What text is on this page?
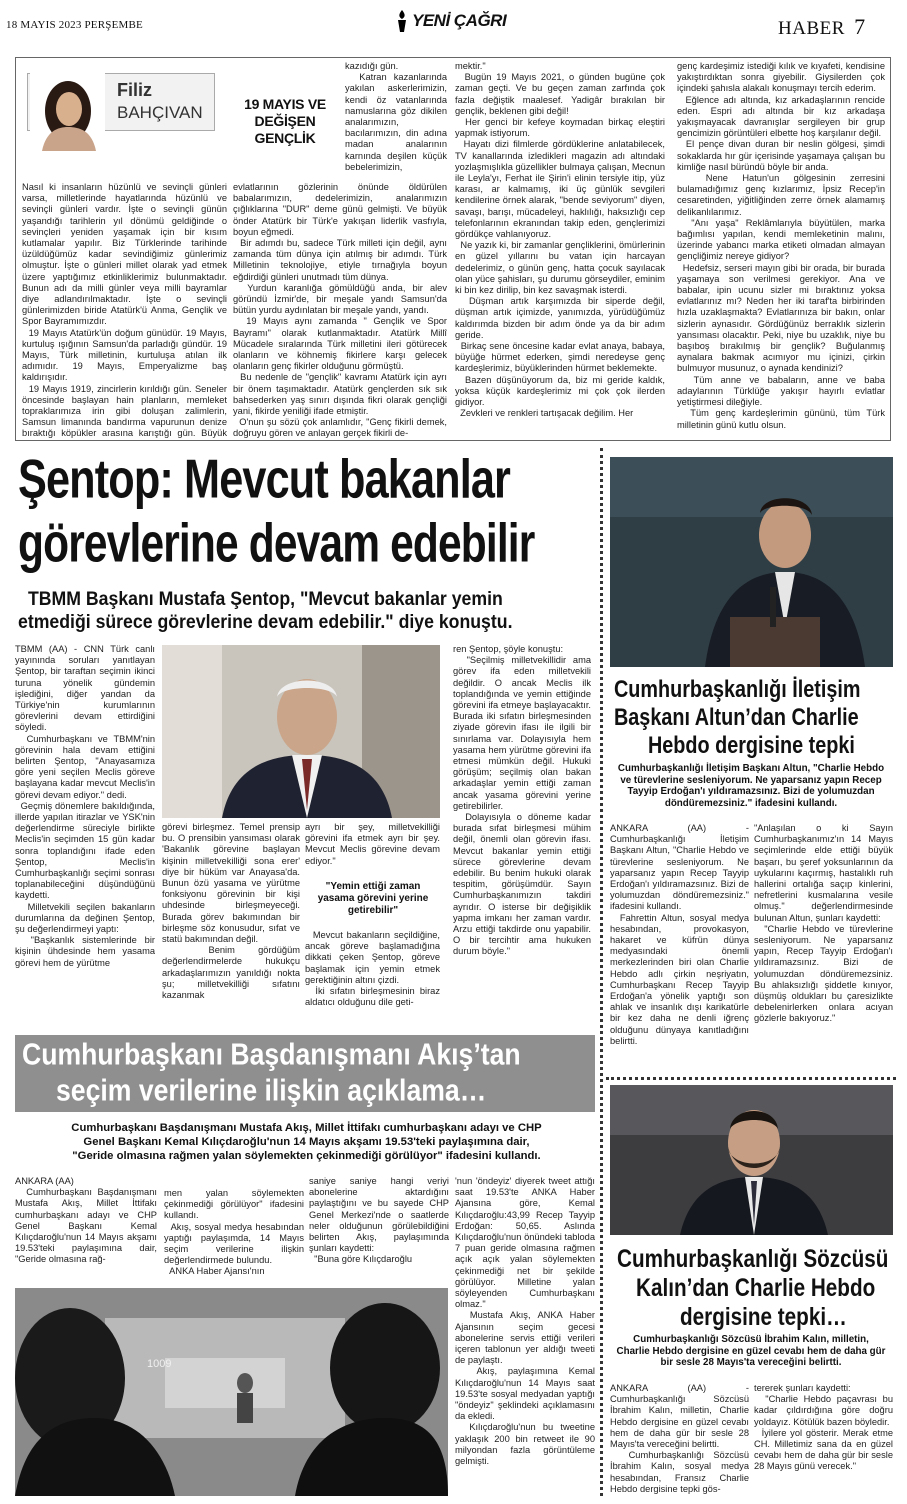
18 MAYIS 2023 PERŞEMBE	YENİ ÇAĞRI	HABER 7
Filiz
BAHÇIVAN	19 MAYIS VE
DEĞİŞEN GENÇLİK
Nasıl ki insanların hüzünlü ve sevinçli günleri varsa, milletlerinde hayatlarında hüzünlü ve sevinçli günleri vardır. İşte o sevinçli günün yaşandığı tarihlerin yıl dönümü geldiğinde o sevinçleri yeniden yaşamak için bir kısım kutlamalar yapılır. Biz Türklerinde tarihinde üzüldüğümüz kadar sevindiğimiz günlerimiz olmuştur. İşte o günleri millet olarak yad etmek üzere yaptığımız etkinliklerimiz bulunmaktadır. Bunun adı da milli günler veya milli bayramlar diye adlandırılmaktadır. İşte o sevinçli günlerimizden biride Atatürk'ü Anma, Gençlik ve Spor Bayramımızdır.
19 Mayıs Atatürk'ün doğum günüdür. 19 Mayıs, kurtuluş ışığının Samsun'da parladığı gündür. 19 Mayıs, Türk milletinin, kurtuluşa atılan ilk adımıdır. 19 Mayıs, Emperyalizme baş kaldırışıdır.
19 Mayıs 1919, zincirlerin kırıldığı gün. Seneler öncesinde başlayan hain planların, memleket topraklarımıza irin gibi doluşan zalimlerin, Samsun limanında bandırma vapurunun denize bıraktığı köpükler arasına karıştığı gün. Büyük
kazıdığı gün.
Katran kazanlarında yakılan askerlerimizin, kendi öz vatanlarında namuslarına göz dikilen analarımızın, bacılarımızın, din adına madan analarının karnında deşilen küçük bebelerimizin,
evlatlarının gözlerinin önünde öldürülen babalarımızın, dedelerimizin, analarımızın çığlıklarına "DUR" deme günü gelmişti. Ve büyük önder Atatürk bir Türk'e yakışan liderlik vasfıyla, boyun eğmedi.
Bir adımdı bu, sadece Türk milleti için değil, aynı zamanda tüm dünya için atılmış bir adımdı. Türk Milletinin teknolojiye, etiyle tırnağıyla boyun eğdirdiği günleri unutmadı tüm dünya.
Yurdun karanlığa gömüldüğü anda, bir alev göründü İzmir'de, bir meşale yandı Samsun'da bütün yurdu aydınlatan bir meşale yandı, yandı.
19 Mayıs aynı zamanda " Gençlik ve Spor Bayramı" olarak kutlanmaktadır. Atatürk Millî Mücadele sıralarında Türk milletini ileri götürecek olanların ve köhnemiş fikirlere karşı gelecek olanların genç fikirler olduğunu görmüştü.
Bu nedenle de "gençlik" kavramı Atatürk için ayrı bir önem taşımaktadır. Atatürk gençlerden sık sık bahsederken yaş sınırı dışında fikri olarak gençliği yani, fikirde yeniliği ifade etmiştir.
O'nun şu sözü çok anlamlıdır, "Genç fikirli demek, doğruyu gören ve anlayan gerçek fikirli de-
mektir."
Bugün 19 Mayıs 2021, o günden bugüne çok zaman geçti. Ve bu geçen zaman zarfında çok fazla değiştik maalesef. Yadigâr bırakılan bir gençlik, beklenen gibi değil!
Her genci bir kefeye koymadan birkaç eleştiri yapmak istiyorum.
Hayatı dizi filmlerde gördüklerine anlatabilecek, TV kanallarında izledikleri magazin adı altındaki yozlaşmışlıkla güzellikler bulmaya çalışan, Mecnun ile Leyla'yı, Ferhat ile Şirin'i elinin tersiyle itip, yüz karası, ar kalmamış, iki üç günlük sevgileri kendilerine örnek alarak, "bende seviyorum" diyen, savaşı, barışı, mücadeleyi, haklılığı, haksızlığı cep telefonlarının ekranından takip eden, gençlerimizi gördükçe vahlanıyoruz.
Ne yazık ki, bir zamanlar gençliklerini, ömürlerinin en güzel yıllarını bu vatan için harcayan dedelerimiz, o günün genç, hatta çocuk sayılacak olan yüce şahisları, şu durumu görseydiler, eminim ki bin kez dirilip, bin kez savaşmak isterdi.
Düşman artık karşımızda bir siperde değil, düşman artık içimizde, yanımızda, yürüdüğümüz kaldırımda bizden bir adım önde ya da bir adım geride.
Birkaç sene öncesine kadar evlat anaya, babaya, büyüğe hürmet ederken, şimdi neredeyse genç kardeşlerimiz, büyüklerinden hürmet beklemekte.
Bazen düşünüyorum da, biz mi geride kaldık, yoksa küçük kardeşlerimiz mi çok çok ilerden gidiyor.
Zevkleri ve renkleri tartışacak değilim. Her
genç kardeşimiz istediği kılık ve kıyafeti, kendisine yakıştırdıktan sonra giyebilir. Giysilerden çok içindeki şahısla alakalı konuşmayı tercih ederim.
Eğlence adı altında, kız arkadaşlarının rencide eden. Espri adı altında bir kız arkadaşa yakışmayacak davranışlar sergileyen bir grup gencimizin görüntüleri elbette hoş karşılanır değil.
El pençe divan duran bir neslin gölgesi, şimdi sokaklarda hır gür içerisinde yaşamaya çalışan bu kimliğe nasıl büründü böyle bir anda.
Nene Hatun'un gölgesinin zerresini bulamadığımız genç kızlarımız, İpsiz Recep'in cesaretinden, yiğitliğinden zerre örnek alamamış delikanlılarımız.
"Anı yaşa" Reklâmlarıyla büyütülen, marka bağımlısı yapılan, kendi memleketinin malını, üzerinde yabancı marka etiketi olmadan almayan gençliğimiz nereye gidiyor?
Hedefsiz, serseri mayın gibi bir orada, bir burada yaşamaya son verilmesi gerekiyor. Ana ve babalar, ipin ucunu sizler mi bıraktınız yoksa evlatlarınız mı? Neden her iki taraf'ta birbirinden hızla uzaklaşmakta? Evlatlarınıza bir bakın, onlar sizlerin aynasıdır. Gördüğünüz berraklık sizlerin yansıması olacaktır. Peki, niye bu uzaklık, niye bu başıboş bırakılmış bir gençlik? Buğulanmış aynalara bakmak acımıyor mu içinizi, çirkin bulmuyor musunuz, o aynada kendinizi?
Tüm anne ve babaların, anne ve baba adaylarının Türklüğe yakışır hayırlı evlatlar yetiştirmesi dileğiyle.
Tüm genç kardeşlerimin gününü, tüm Türk milletinin günü kutlu olsun.
Şentop: Mevcut bakanlar
görevlerine devam edebilir
TBMM Başkanı Mustafa Şentop, "Mevcut bakanlar yemin
etmediği sürece görevlerine devam edebilir." diye konuştu.
TBMM (AA) - CNN Türk canlı yayınında soruları yanıtlayan Şentop, bir taraftan seçimin ikinci turuna yönelik gündemin işlediğini, diğer yandan da Türkiye'nin kurumlarının görevlerini devam ettirdiğini söyledi.
Cumhurbaşkanı ve TBMM'nin görevinin hala devam ettiğini belirten Şentop, "Anayasamıza göre yeni seçilen Meclis göreve başlayana kadar mevcut Meclis'in görevi devam ediyor." dedi.
Geçmiş dönemlere bakıldığında, illerde yapılan itirazlar ve YSK'nin değerlendirme süreciyle birlikte Meclis'in seçimden 15 gün kadar sonra toplandığını ifade eden Şentop, Meclis'in Cumhurbaşkanlığı seçimi sonrası toplanabileceğini düşündüğünü kaydetti.
Milletvekili seçilen bakanların durumlarına da değinen Şentop, şu değerlendirmeyi yaptı:
"Başkanlık sistemlerinde bir kişinin ühdesinde hem yasama görevi hem de yürütme
görevi birleşmez. Temel prensip bu. O prensibin yansıması olarak 'Bakanlık görevine başlayan kişinin milletvekilliği sona erer' diye bir hüküm var Anayasa'da. Bunun özü yasama ve yürütme fonksiyonu görevinin bir kişi uhdesinde birleşmeyeceği. Burada görev bakımından bir birleşme söz konusudur, sıfat ve statü bakımından değil.
Benim gördüğüm değerlendirmelerde hukukçu arkadaşlarımızın yanıldığı nokta şu; milletvekilliği sıfatını kazanmak
ayrı bir şey, milletvekilliği görevini ifa etmek ayrı bir şey. Mevcut Meclis görevine devam ediyor."
"Yemin ettiği zaman yasama görevini yerine getirebilir"
Mevcut bakanların seçildiğine, ancak göreve başlamadığına dikkati çeken Şentop, göreve başlamak için yemin etmek gerektiğinin altını çizdi.
İki sıfatın birleşmesinin biraz aldatıcı olduğunu dile geti-
ren Şentop, şöyle konuştu:
"Seçilmiş milletvekillidir ama görev ifa eden milletvekili değildir. O ancak Meclis ilk toplandığında ve yemin ettiğinde görevini ifa etmeye başlayacaktır. Burada iki sıfatın birleşmesinden ziyade görevin ifası ile ilgili bir sınırlama var. Dolayısıyla hem yasama hem yürütme görevini ifa etmesi mümkün değil. Hukuki görüşüm; seçilmiş olan bakan arkadaşlar yemin ettiği zaman ancak yasama görevini yerine getirebilirler.
Dolayısıyla o döneme kadar burada sıfat birleşmesi mühim değil, önemli olan görevin ifası. Mevcut bakanlar yemin ettiği sürece görevlerine devam edebilir. Bu benim hukuki olarak tespitim, görüşümdür. Sayın Cumhurbaşkanımızın takdiri ayrıdır. O isterse bir değişiklik yapma imkanı her zaman vardır. Arzu ettiği takdirde onu yapabilir. O bir tercihtir ama hukuken durum böyle."
Cumhurbaşkanlığı İletişim
Başkanı Altun’dan Charlie
Hebdo dergisine tepki
Cumhurbaşkanlığı İletişim Başkanı Altun, "Charlie Hebdo ve türevlerine sesleniyorum. Ne yaparsanız yapın Recep Tayyip Erdoğan'ı yıldıramazsınız. Bizi de yolumuzdan döndüremezsiniz." ifadesini kullandı.
ANKARA (AA) - Cumhurbaşkanlığı İletişim Başkanı Altun, "Charlie Hebdo ve türevlerine sesleniyorum. Ne yaparsanız yapın Recep Tayyip Erdoğan'ı yıldıramazsınız. Bizi de yolumuzdan döndüremezsiniz." ifadesini kullandı.
Fahrettin Altun, sosyal medya hesabından, provokasyon, hakaret ve küfrün dünya medyasındaki önemli merkezlerinden biri olan Charlie Hebdo adlı çirkin neşriyatın, Cumhurbaşkanı Recep Tayyip Erdoğan'a yönelik yaptığı son ahlak ve insanlık dışı karikatürle bir kez daha ne denli iğrenç olduğunu dünyaya kanıtladığını belirtti.
"Anlaşılan o ki Sayın Cumhurbaşkanımız'ın 14 Mayıs seçimlerinde elde ettiği büyük başarı, bu şeref yoksunlarının da uykularını kaçırmış, hastalıklı ruh hallerini ortalığa saçıp kinlerini, nefretlerini kusmalarına vesile olmuş." değerlendirmesinde bulunan Altun, şunları kaydetti:
"Charlie Hebdo ve türevlerine sesleniyorum. Ne yaparsanız yapın, Recep Tayyip Erdoğan'ı yıldıramazsınız. Bizi de yolumuzdan döndüremezsiniz. Bu ahlaksızlığı şiddetle kınıyor, düşmüş oldukları bu çaresizlikte debelenirlerken onlara acıyan gözlerle bakıyoruz."
Cumhurbaşkanı Başdanışmanı Akış’tan
seçim verilerine ilişkin açıklama…
Cumhurbaşkanı Başdanışmanı Mustafa Akış, Millet İttifakı cumhurbaşkanı adayı ve CHP
Genel Başkanı Kemal Kılıçdaroğlu'nun 14 Mayıs akşamı 19.53'teki paylaşımına dair,
"Geride olmasına rağmen yalan söylemekten çekinmediği görülüyor" ifadesini kullandı.
ANKARA (AA)
Cumhurbaşkanı Başdanışmanı Mustafa Akış, Millet İttifakı cumhurbaşkanı adayı ve CHP Genel Başkanı Kemal Kılıçdaroğlu'nun 14 Mayıs akşamı 19.53'teki paylaşımına dair, "Geride olmasına rağ-
men yalan söylemekten çekinmediği görülüyor" ifadesini kullandı.
Akış, sosyal medya hesabından yaptığı paylaşımda, 14 Mayıs seçim verilerine ilişkin değerlendirmede bulundu.
ANKA Haber Ajansı'nın
saniye saniye hangi veriyi abonelerine aktardığını paylaştığını ve bu sayede CHP Genel Merkezi'nde o saatlerde neler olduğunun görülebildiğini belirten Akış, paylaşımında şunları kaydetti:
"Buna göre Kılıçdaroğlu
'nun 'öndeyiz' diyerek tweet attığı saat 19.53'te ANKA Haber Ajansına göre, Kemal Kılıçdaroğlu:43,99 Recep Tayyip Erdoğan: 50,65. Aslında Kılıçdaroğlu'nun önündeki tabloda 7 puan geride olmasına rağmen açık açık yalan söylemekten çekinmediği net bir şekilde görülüyor. Milletine yalan söyleyenden Cumhurbaşkanı olmaz."
Mustafa Akış, ANKA Haber Ajansının seçim gecesi abonelerine servis ettiği verileri içeren tablonun yer aldığı tweeti de paylaştı.
Akış, paylaşımına Kemal Kılıçdaroğlu'nun 14 Mayıs saat 19.53'te sosyal medyadan yaptığı "öndeyiz" şeklindeki açıklamasını da ekledi.
Kılıçdaroğlu'nun bu tweetine yaklaşık 200 bin retweet ile 90 milyondan fazla görüntüleme gelmişti.
1009
Cumhurbaşkanlığı Sözcüsü
Kalın’dan Charlie Hebdo
dergisine tepki…
Cumhurbaşkanlığı Sözcüsü İbrahim Kalın, milletin, Charlie Hebdo dergisine en güzel cevabı hem de daha gür bir sesle 28 Mayıs'ta vereceğini belirtti.
ANKARA (AA) - Cumhurbaşkanlığı Sözcüsü İbrahim Kalın, milletin, Charlie Hebdo dergisine en güzel cevabı hem de daha gür bir sesle 28 Mayıs'ta vereceğini belirtti.
Cumhurbaşkanlığı Sözcüsü İbrahim Kalın, sosyal medya hesabından, Fransız Charlie Hebdo dergisine tepki gös-
tererek şunları kaydetti:
"Charlie Hebdo paçavrası bu kadar çıldırdığına göre doğru yoldayız. Kötülük bazen böyledir.
İyilere yol gösterir. Merak etme CH. Milletimiz sana da en güzel cevabı hem de daha gür bir sesle 28 Mayıs günü verecek."
